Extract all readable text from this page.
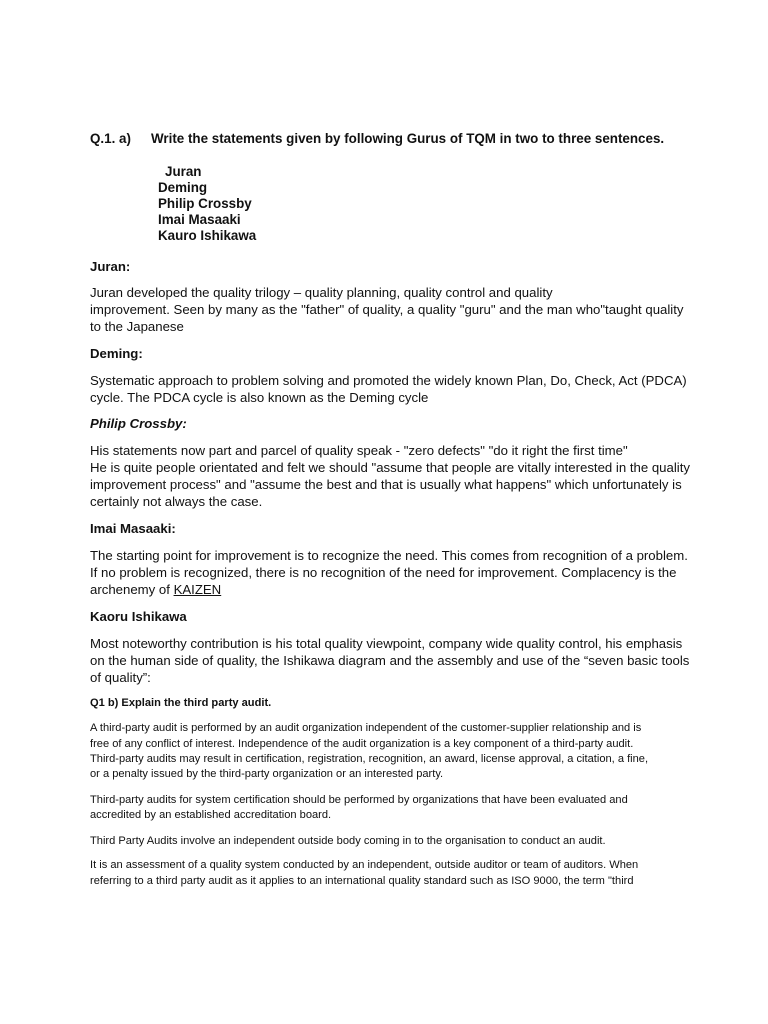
Q.1. a) Write the statements given by following Gurus of TQM in two to three sentences.
Juran
Deming
Philip Crossby
Imai Masaaki
Kauro Ishikawa
Juran:
Juran developed the quality trilogy – quality planning, quality control and quality
improvement. Seen by many as the "father" of quality, a quality "guru" and the man who"taught quality
to the Japanese
Deming:
Systematic approach to problem solving and promoted the widely known Plan, Do, Check, Act (PDCA)
cycle. The PDCA cycle is also known as the Deming cycle
Philip Crossby:
His statements now part and parcel of quality speak - "zero defects" "do it right the first time"
He is quite people orientated and felt we should "assume that people are vitally interested in the quality
improvement process" and "assume the best and that is usually what happens" which unfortunately is
certainly not always the case.
Imai Masaaki:
The starting point for improvement is to recognize the need. This comes from recognition of a problem.
If no problem is recognized, there is no recognition of the need for improvement. Complacency is the
archenemy of KAIZEN
Kaoru Ishikawa
Most noteworthy contribution is his total quality viewpoint, company wide quality control, his emphasis
on the human side of quality, the Ishikawa diagram and the assembly and use of the “seven basic tools
of quality”:
Q1 b) Explain the third party audit.
A third-party audit is performed by an audit organization independent of the customer-supplier relationship and is
free of any conflict of interest. Independence of the audit organization is a key component of a third-party audit.
Third-party audits may result in certification, registration, recognition, an award, license approval, a citation, a fine,
or a penalty issued by the third-party organization or an interested party.
Third-party audits for system certification should be performed by organizations that have been evaluated and
accredited by an established accreditation board.
Third Party Audits involve an independent outside body coming in to the organisation to conduct an audit.
It is an assessment of a quality system conducted by an independent, outside auditor or team of auditors. When
referring to a third party audit as it applies to an international quality standard such as ISO 9000, the term "third
